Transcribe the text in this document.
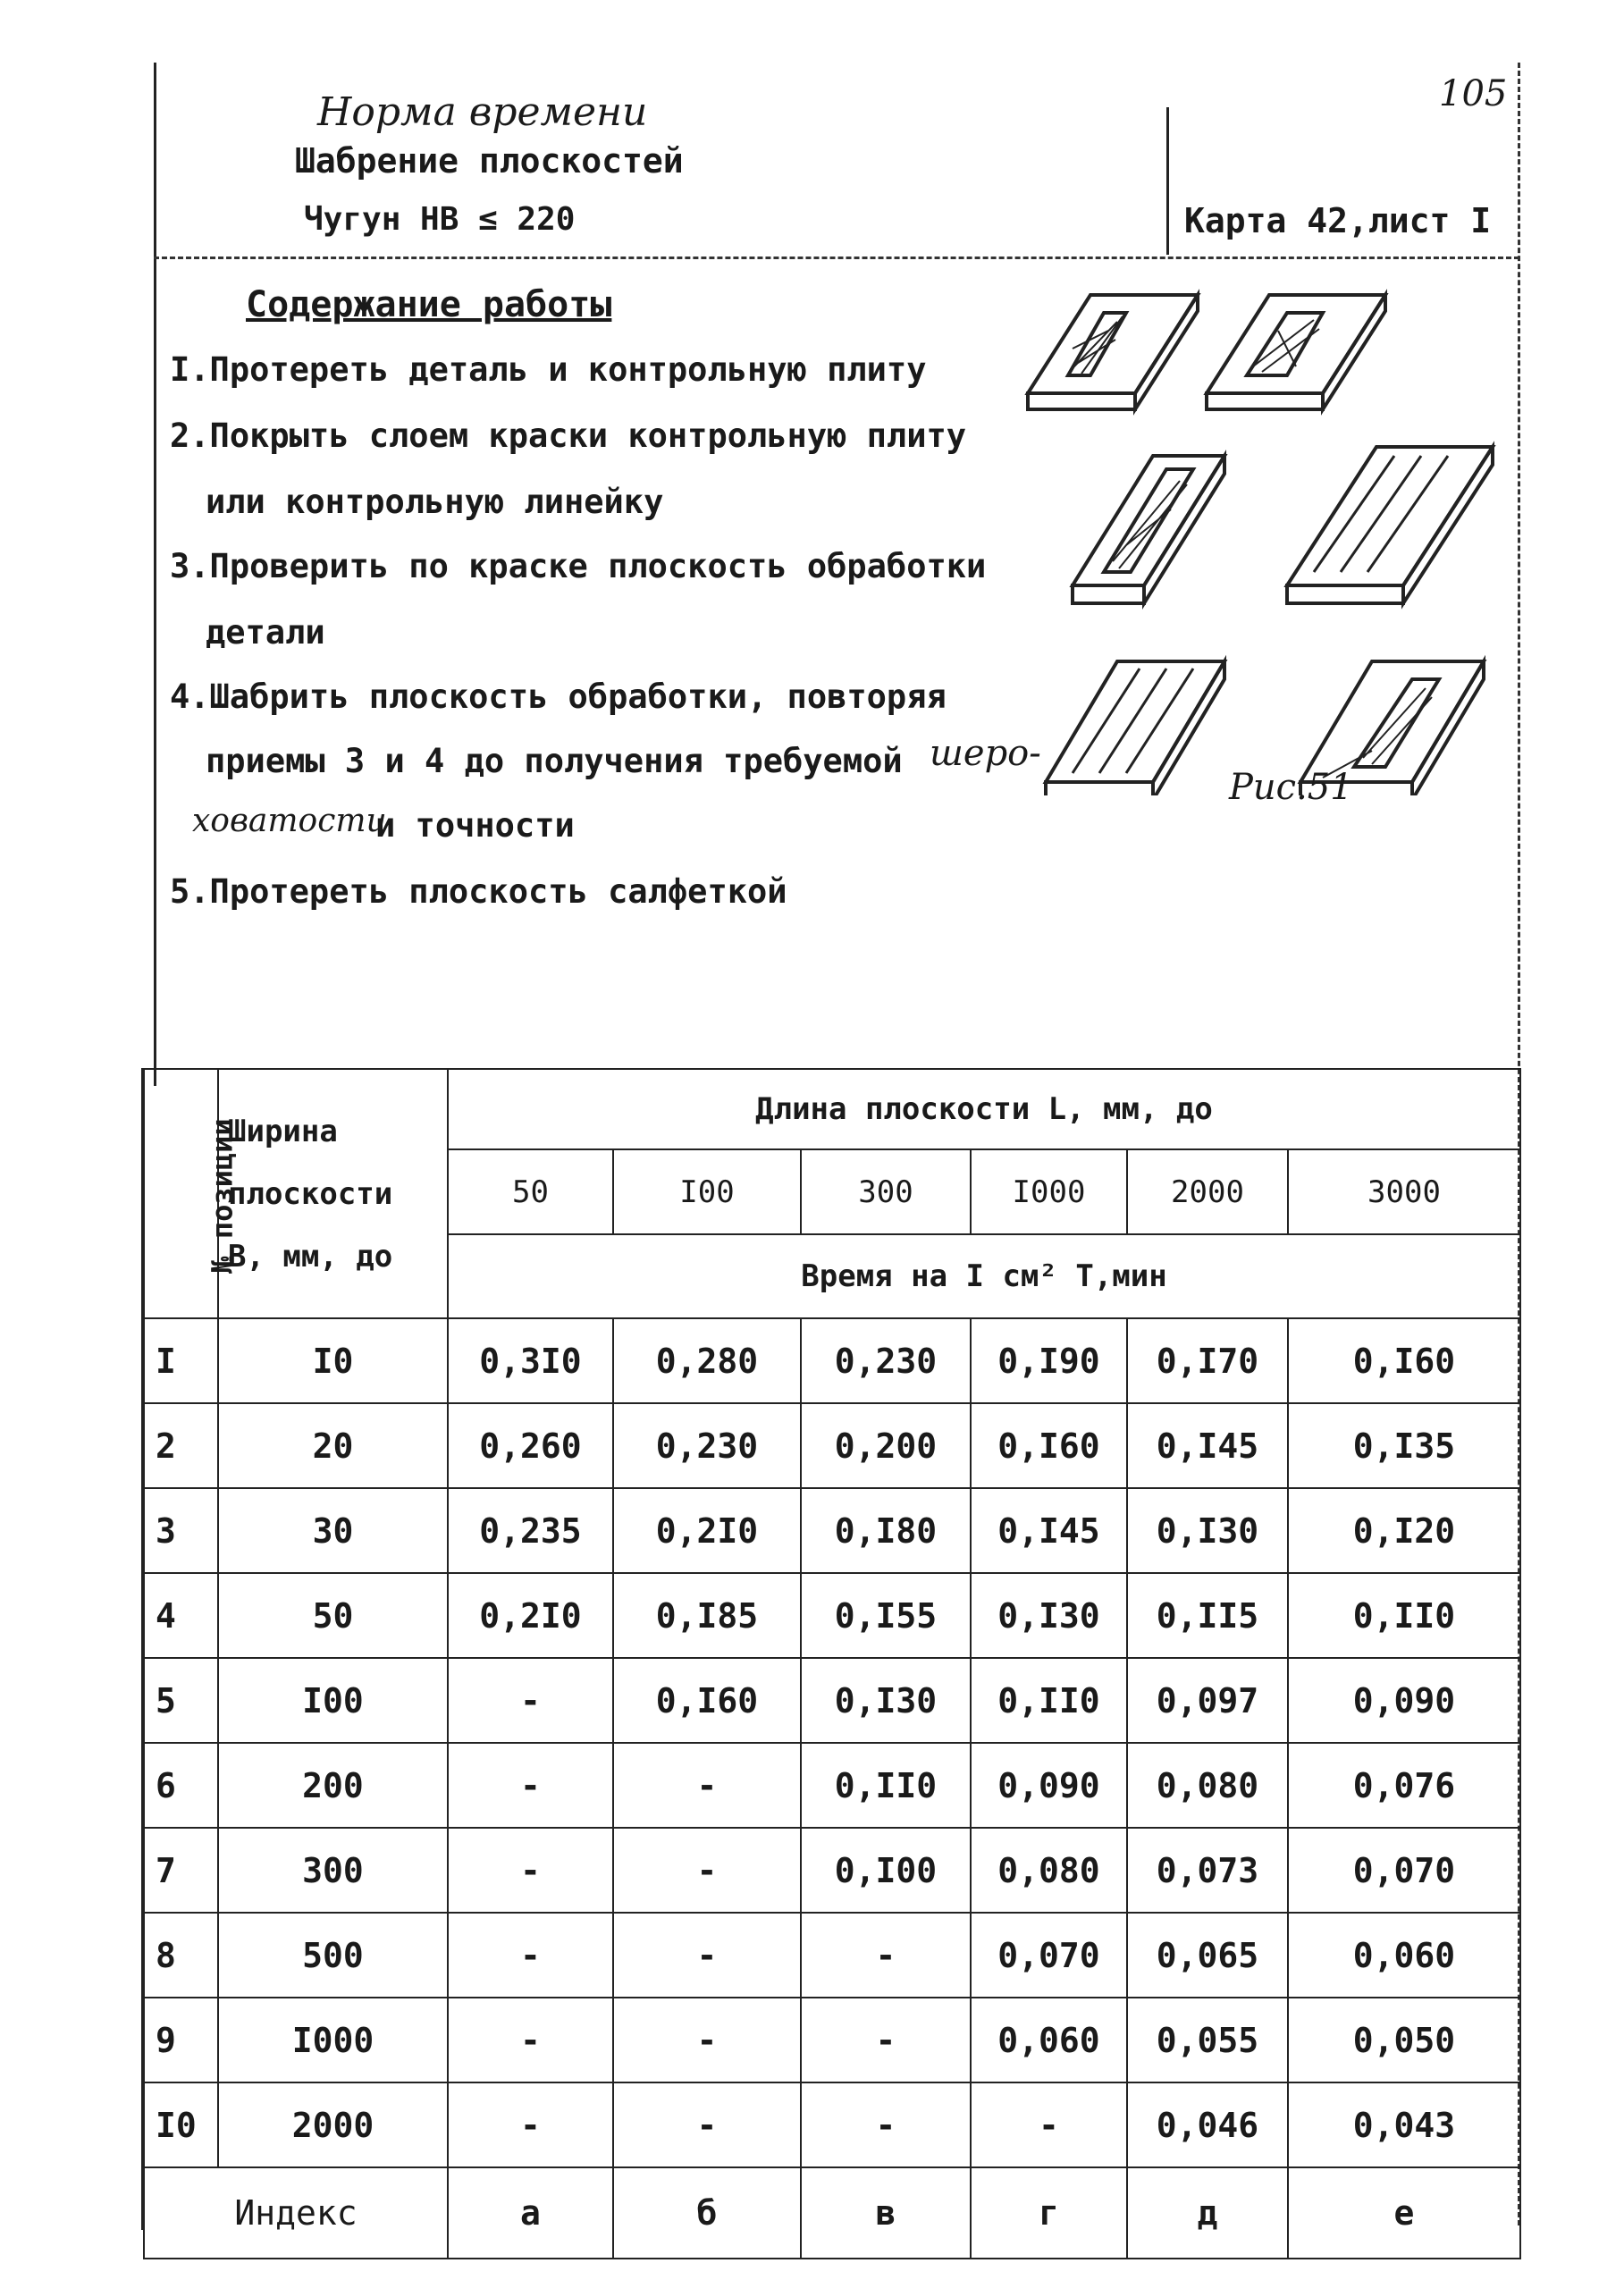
Норма времени
Шабрение плоскостей
Чугун НВ ≤ 220
105
Карта 42,лист I
Содержание работы
I.Протереть деталь и контрольную плиту
2.Покрыть слоем краски контрольную плиту
или контрольную линейку
3.Проверить по краске плоскость обработки
детали
4.Шабрить плоскость обработки, повторяя
приемы 3 и 4 до получения требуемой шеро-
ховатости
и точности
5.Протереть плоскость салфеткой
Рис.51
№ позиции	Ширина
плоскости
В, мм, до	Длина плоскости L, мм, до					
		50	I00	300	I000	2000	3000
		Время на I см² Т,мин					
I	I0	0,3I0	0,280	0,230	0,I90	0,I70	0,I60
2	20	0,260	0,230	0,200	0,I60	0,I45	0,I35
3	30	0,235	0,2I0	0,I80	0,I45	0,I30	0,I20
4	50	0,2I0	0,I85	0,I55	0,I30	0,II5	0,II0
5	I00	-	0,I60	0,I30	0,II0	0,097	0,090
6	200	-	-	0,II0	0,090	0,080	0,076
7	300	-	-	0,I00	0,080	0,073	0,070
8	500	-	-	-	0,070	0,065	0,060
9	I000	-	-	-	0,060	0,055	0,050
I0	2000	-	-	-	-	0,046	0,043
Индекс		а	б	в	г	д	е
